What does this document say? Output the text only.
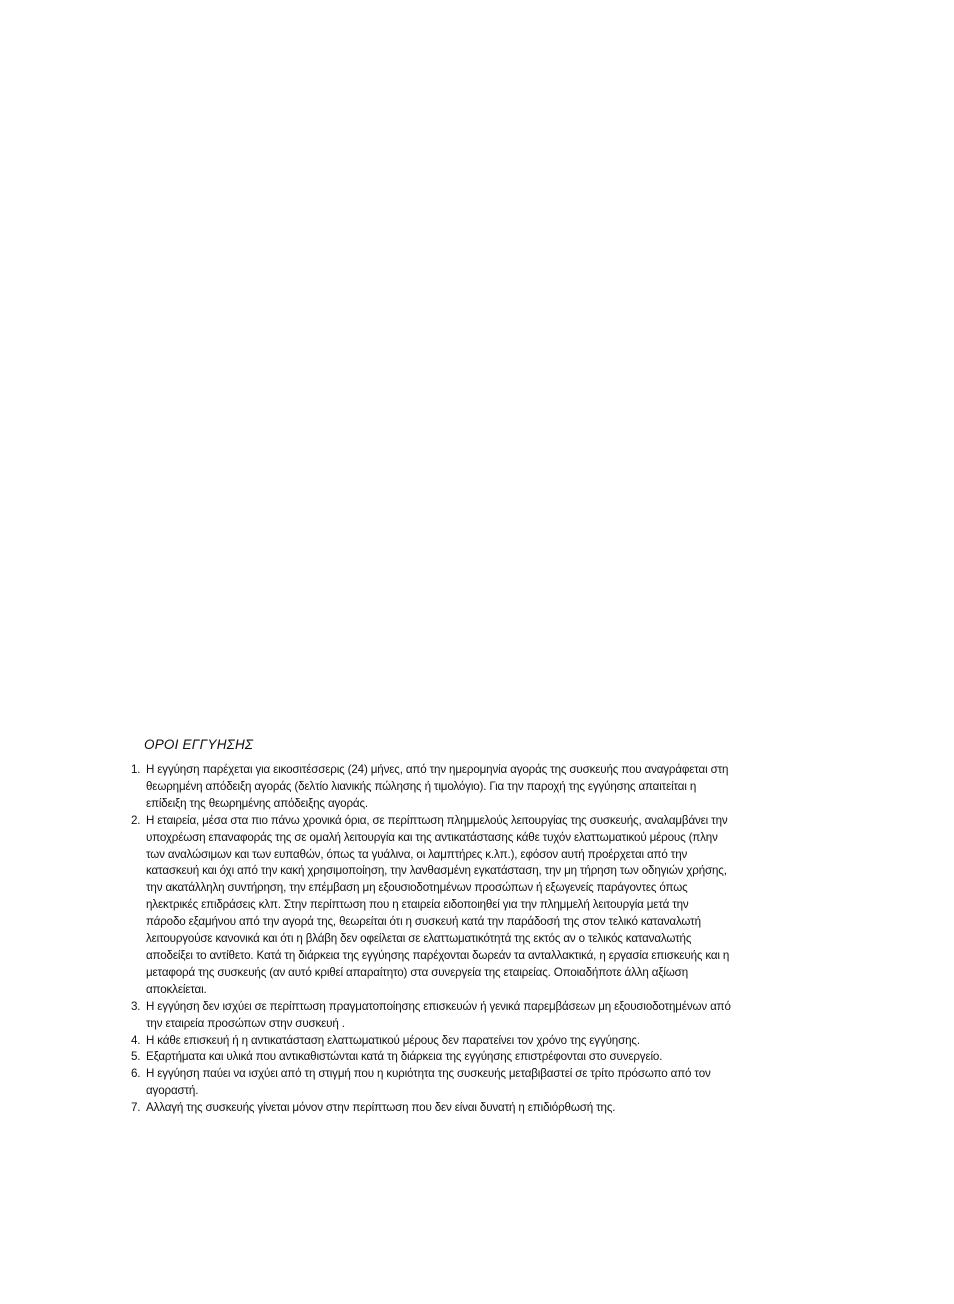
ΟΡΟΙ ΕΓΓΥΗΣΗΣ
1. Η εγγύηση παρέχεται για εικοσιτέσσερις (24) μήνες, από την ημερομηνία αγοράς της συσκευής που αναγράφεται στη θεωρημένη απόδειξη αγοράς (δελτίο λιανικής πώλησης ή τιμολόγιο). Για την παροχή της εγγύησης απαιτείται η επίδειξη της θεωρημένης απόδειξης αγοράς.
2. Η εταιρεία, μέσα στα πιο πάνω χρονικά όρια, σε περίπτωση πλημμελούς λειτουργίας της συσκευής, αναλαμβάνει την υποχρέωση επαναφοράς της σε ομαλή λειτουργία και της αντικατάστασης κάθε τυχόν ελαττωματικού μέρους (πλην των αναλώσιμων και των ευπαθών, όπως τα γυάλινα, οι λαμπτήρες κ.λπ.), εφόσον αυτή προέρχεται από την κατασκευή και όχι από την κακή χρησιμοποίηση, την λανθασμένη εγκατάσταση, την μη τήρηση των οδηγιών χρήσης, την ακατάλληλη συντήρηση, την επέμβαση μη εξουσιοδοτημένων προσώπων ή εξωγενείς παράγοντες όπως ηλεκτρικές επιδράσεις κλπ. Στην περίπτωση που η εταιρεία ειδοποιηθεί για την πλημμελή λειτουργία μετά την πάροδο εξαμήνου από την αγορά της, θεωρείται ότι η συσκευή κατά την παράδοσή της στον τελικό καταναλωτή λειτουργούσε κανονικά και ότι η βλάβη δεν οφείλεται σε ελαττωματικότητά της εκτός αν ο τελικός καταναλωτής αποδείξει το αντίθετο. Κατά τη διάρκεια της εγγύησης παρέχονται δωρεάν τα ανταλλακτικά, η εργασία επισκευής και η μεταφορά της συσκευής (αν αυτό κριθεί απαραίτητο) στα συνεργεία της εταιρείας. Οποιαδήποτε άλλη αξίωση αποκλείεται.
3. Η εγγύηση δεν ισχύει σε περίπτωση πραγματοποίησης επισκευών ή γενικά παρεμβάσεων μη εξουσιοδοτημένων από την εταιρεία προσώπων στην συσκευή .
4. Η κάθε επισκευή ή η αντικατάσταση ελαττωματικού μέρους δεν παρατείνει τον χρόνο της εγγύησης.
5. Εξαρτήματα και υλικά που αντικαθιστώνται κατά τη διάρκεια της εγγύησης επιστρέφονται στο συνεργείο.
6. Η εγγύηση παύει να ισχύει από τη στιγμή που η κυριότητα της συσκευής μεταβιβαστεί σε τρίτο πρόσωπο από τον αγοραστή.
7. Αλλαγή της συσκευής γίνεται μόνον στην περίπτωση που δεν είναι δυνατή η επιδιόρθωσή της.
